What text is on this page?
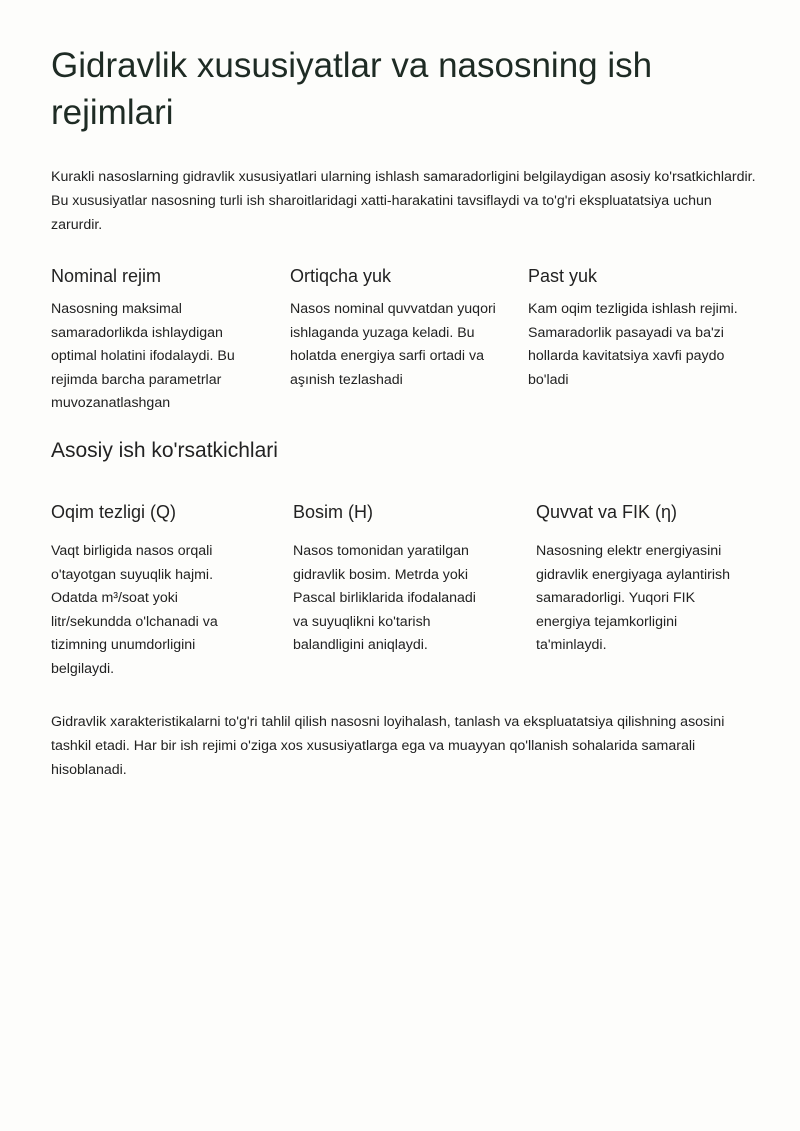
Gidravlik xususiyatlar va nasosning ish rejimlari

Kurakli nasoslarning gidravlik xususiyatlari ularning ishlash samaradorligini belgilaydigan asosiy ko'rsatkichlardir. Bu xususiyatlar nasosning turli ish sharoitlaridagi xatti-harakatini tavsiflaydi va to'g'ri ekspluatatsiya uchun zarurdir.

Nominal rejim

Nasosning maksimal samaradorlikda ishlaydigan optimal holatini ifodalaydi. Bu rejimda barcha parametrlar muvozanatlashgan

Ortiqcha yuk

Nasos nominal quvvatdan yuqori ishlaganda yuzaga keladi. Bu holatda energiya sarfi ortadi va aşınish tezlashadi

Past yuk

Kam oqim tezligida ishlash rejimi. Samaradorlik pasayadi va ba'zi hollarda kavitatsiya xavfi paydo bo'ladi

Asosiy ish ko'rsatkichlari
Oqim tezligi (Q)

Vaqt birligida nasos orqali o'tayotgan suyuqlik hajmi. Odatda m³/soat yoki litr/sekundda o'lchanadi va tizimning unumdorligini belgilaydi.

Bosim (H)

Nasos tomonidan yaratilgan gidravlik bosim. Metrda yoki Pascal birliklarida ifodalanadi va suyuqlikni ko'tarish balandligini aniqlaydi.

Quvvat va FIK (η)

Nasosning elektr energiyasini gidravlik energiyaga aylantirish samaradorligi. Yuqori FIK energiya tejamkorligini ta'minlaydi.

Gidravlik xarakteristikalarni to'g'ri tahlil qilish nasosni loyihalash, tanlash va ekspluatatsiya qilishning asosini tashkil etadi. Har bir ish rejimi o'ziga xos xususiyatlarga ega va muayyan qo'llanish sohalarida samarali hisoblanadi.
